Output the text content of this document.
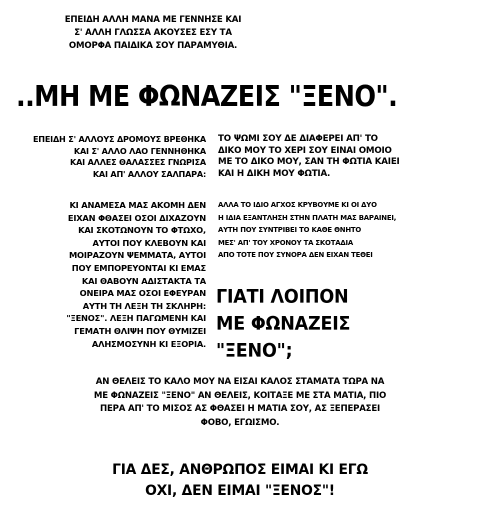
ΕΠΕΙΔΗ ΑΛΛΗ ΜΑΝΑ ΜΕ ΓΕΝΝΗΣΕ ΚΑΙ
Σ' ΑΛΛΗ ΓΛΩΣΣΑ ΑΚΟΥΣΕΣ ΕΣΥ ΤΑ
ΟΜΟΡΦΑ ΠΑΙΔΙΚΑ ΣΟΥ ΠΑΡΑΜΥΘΙΑ.
..ΜΗ ΜΕ ΦΩΝΑΖΕΙΣ "ΞΕΝΟ".
ΕΠΕΙΔΗ Σ' ΑΛΛΟΥΣ ΔΡΟΜΟΥΣ ΒΡΕΘΗΚΑ
ΚΑΙ Σ' ΑΛΛΟ ΛΑΟ ΓΕΝΝΗΘΗΚΑ
ΚΑΙ ΑΛΛΕΣ ΘΑΛΑΣΣΕΣ ΓΝΩΡΙΣΑ
ΚΑΙ ΑΠ' ΑΛΛΟΥ ΣΑΛΠΑΡΑ:
ΤΟ ΨΩΜΙ ΣΟΥ ΔΕ ΔΙΑΦΕΡΕΙ ΑΠ' ΤΟ
ΔΙΚΟ ΜΟΥ ΤΟ ΧΕΡΙ ΣΟΥ ΕΙΝΑΙ ΟΜΟΙΟ
ΜΕ ΤΟ ΔΙΚΟ ΜΟΥ, ΣΑΝ ΤΗ ΦΩΤΙΑ ΚΑΙΕΙ
ΚΑΙ Η ΔΙΚΗ ΜΟΥ ΦΩΤΙΑ.
ΚΙ ΑΝΑΜΕΣΑ ΜΑΣ ΑΚΟΜΗ ΔΕΝ
ΕΙΧΑΝ ΦΘΑΣΕΙ ΟΣΟΙ ΔΙΧΑΖΟΥΝ
ΚΑΙ ΣΚΟΤΩΝΟΥΝ ΤΟ ΦΤΩΧΟ,
ΑΥΤΟΙ ΠΟΥ ΚΛΕΒΟΥΝ ΚΑΙ
ΜΟΙΡΑΖΟΥΝ ΨΕΜΜΑΤΑ, ΑΥΤΟΙ
ΠΟΥ ΕΜΠΟΡΕΥΟΝΤΑΙ ΚΙ ΕΜΑΣ
ΚΑΙ ΘΑΒΟΥΝ ΑΔΙΣΤΑΚΤΑ ΤΑ
ΟΝΕΙΡΑ ΜΑΣ ΟΣΟΙ ΕΦΕΥΡΑΝ
ΑΥΤΗ ΤΗ ΛΕΞΗ ΤΗ ΣΚΛΗΡΗ:
"ΞΕΝΟΣ". ΛΕΞΗ ΠΑΓΩΜΕΝΗ ΚΑΙ
ΓΕΜΑΤΗ ΘΛΙΨΗ ΠΟΥ ΘΥΜΙΖΕΙ
ΑΛΗΣΜΟΣΥΝΗ ΚΙ ΕΞΟΡΙΑ.
ΑΛΛΑ ΤΟ ΙΔΙΟ ΑΓΧΟΣ ΚΡΥΒΟΥΜΕ ΚΙ ΟΙ ΔΥΟ
Η ΙΔΙΑ ΕΞΑΝΤΛΗΣΗ ΣΤΗΝ ΠΛΑΤΗ ΜΑΣ ΒΑΡΑΙΝΕΙ,
ΑΥΤΗ ΠΟΥ ΣΥΝΤΡΙΒΕΙ ΤΟ ΚΑΘΕ ΘΝΗΤΟ
ΜΕΣ' ΑΠ' ΤΟΥ ΧΡΟΝΟΥ ΤΑ ΣΚΟΤΑΔΙΑ
ΑΠΟ ΤΟΤΕ ΠΟΥ ΣΥΝΟΡΑ ΔΕΝ ΕΙΧΑΝ ΤΕΘΕΙ
ΓΙΑΤΙ ΛΟΙΠΟΝ
ΜΕ ΦΩΝΑΖΕΙΣ
"ΞΕΝΟ";
ΑΝ ΘΕΛΕΙΣ ΤΟ ΚΑΛΟ ΜΟΥ ΝΑ ΕΙΣΑΙ ΚΑΛΟΣ ΣΤΑΜΑΤΑ ΤΩΡΑ ΝΑ
ΜΕ ΦΩΝΑΖΕΙΣ "ΞΕΝΟ" ΑΝ ΘΕΛΕΙΣ, ΚΟΙΤΑΞΕ ΜΕ ΣΤΑ ΜΑΤΙΑ, ΠΙΟ
ΠΕΡΑ ΑΠ' ΤΟ ΜΙΣΟΣ ΑΣ ΦΘΑΣΕΙ Η ΜΑΤΙΑ ΣΟΥ, ΑΣ ΞΕΠΕΡΑΣΕΙ
ΦΟΒΟ, ΕΓΩΙΣΜΟ.
ΓΙΑ ΔΕΣ, ΑΝΘΡΩΠΟΣ ΕΙΜΑΙ ΚΙ ΕΓΩ
ΟΧΙ, ΔΕΝ ΕΙΜΑΙ "ΞΕΝΟΣ"!
